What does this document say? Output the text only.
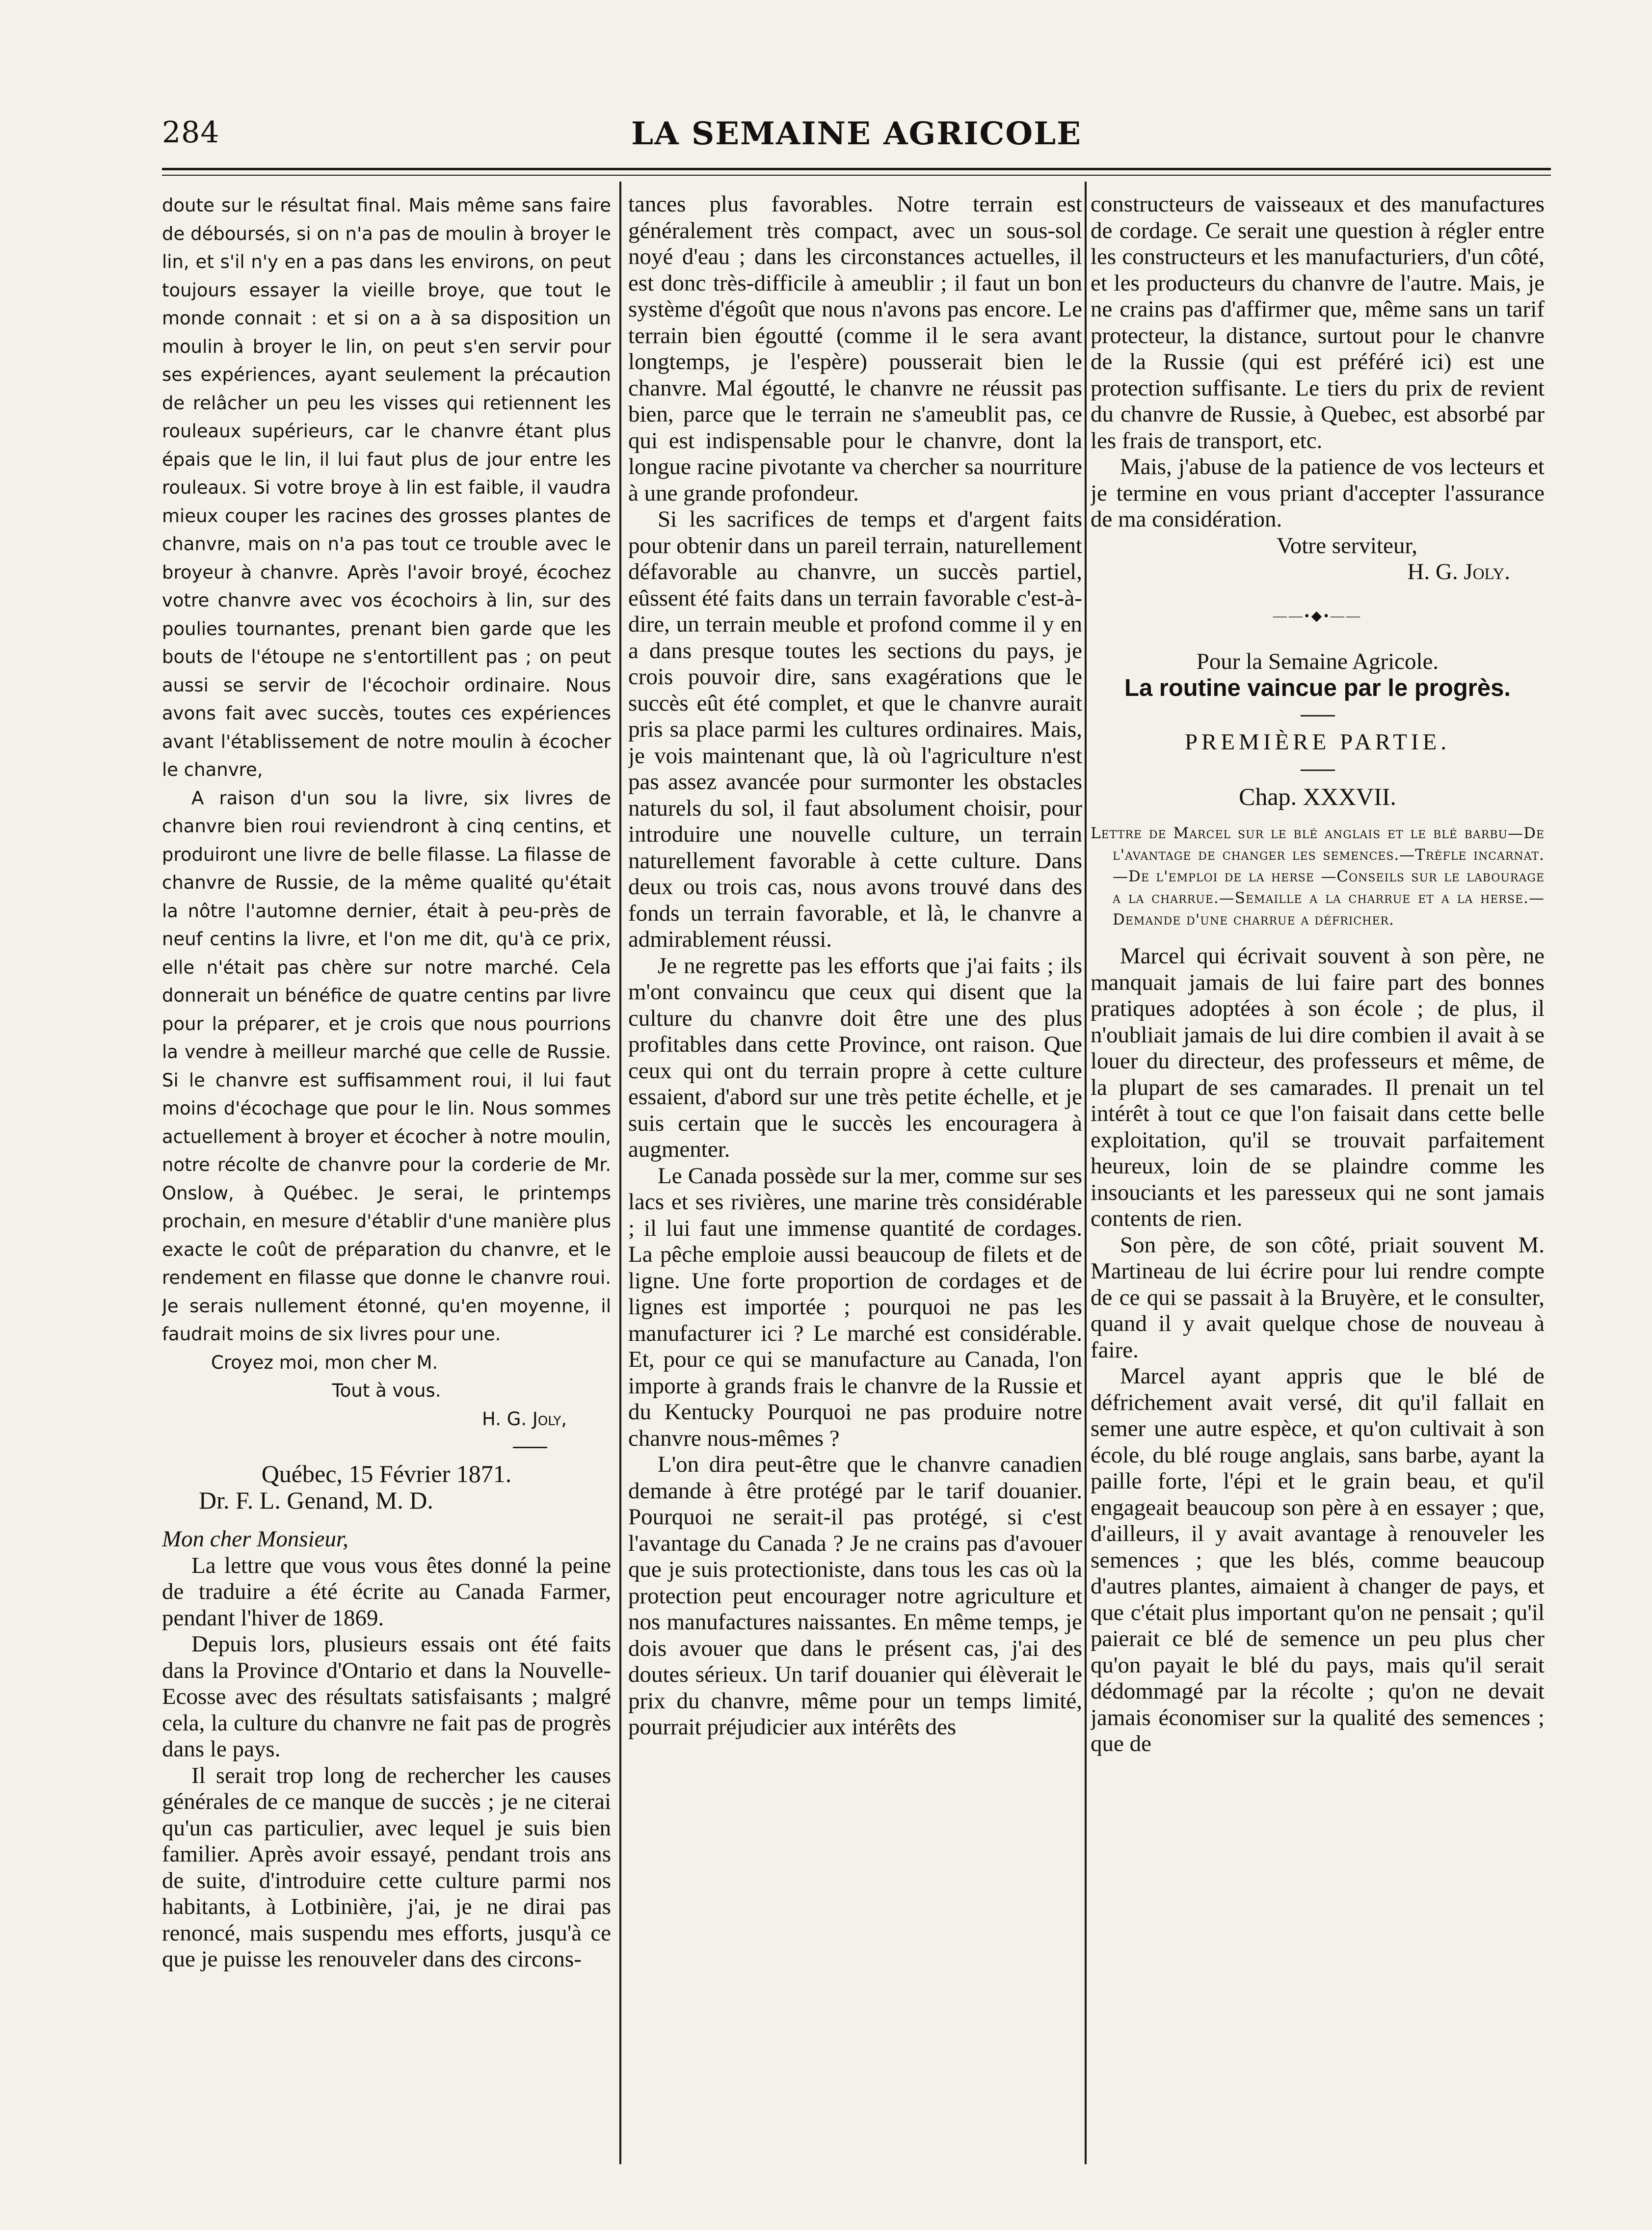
284	LA SEMAINE AGRICOLE

doute sur le résultat final. Mais même sans faire de déboursés, si on n'a pas de moulin à broyer le lin, et s'il n'y en a pas dans les environs, on peut toujours essayer la vieille broye, que tout le monde connait : et si on a à sa disposition un moulin à broyer le lin, on peut s'en servir pour ses expériences, ayant seulement la précaution de relâcher un peu les visses qui retiennent les rouleaux supérieurs, car le chanvre étant plus épais que le lin, il lui faut plus de jour entre les rouleaux. Si votre broye à lin est faible, il vaudra mieux couper les racines des grosses plantes de chanvre, mais on n'a pas tout ce trouble avec le broyeur à chanvre. Après l'avoir broyé, écochez votre chanvre avec vos écochoirs à lin, sur des poulies tournantes, prenant bien garde que les bouts de l'étoupe ne s'entortillent pas ; on peut aussi se servir de l'écochoir ordinaire. Nous avons fait avec succès, toutes ces expériences avant l'établissement de notre moulin à écocher le chanvre,

A raison d'un sou la livre, six livres de chanvre bien roui reviendront à cinq centins, et produiront une livre de belle filasse. La filasse de chanvre de Russie, de la même qualité qu'était la nôtre l'automne dernier, était à peu-près de neuf centins la livre, et l'on me dit, qu'à ce prix, elle n'était pas chère sur notre marché. Cela donnerait un bénéfice de quatre centins par livre pour la préparer, et je crois que nous pourrions la vendre à meilleur marché que celle de Russie. Si le chanvre est suffisamment roui, il lui faut moins d'écochage que pour le lin. Nous sommes actuellement à broyer et écocher à notre moulin, notre récolte de chanvre pour la corderie de Mr. Onslow, à Québec. Je serai, le printemps prochain, en mesure d'établir d'une manière plus exacte le coût de préparation du chanvre, et le rendement en filasse que donne le chanvre roui. Je serais nullement étonné, qu'en moyenne, il faudrait moins de six livres pour une.

Croyez moi, mon cher M.

Tout à vous.

H. G. Joly,

Québec, 15 Février 1871.

Dr. F. L. Genand, M. D.

Mon cher Monsieur,

La lettre que vous vous êtes donné la peine de traduire a été écrite au Canada Farmer, pendant l'hiver de 1869.

Depuis lors, plusieurs essais ont été faits dans la Province d'Ontario et dans la Nouvelle-Ecosse avec des résultats satisfaisants ; malgré cela, la culture du chanvre ne fait pas de progrès dans le pays.

Il serait trop long de rechercher les causes générales de ce manque de succès ; je ne citerai qu'un cas particulier, avec lequel je suis bien familier. Après avoir essayé, pendant trois ans de suite, d'introduire cette culture parmi nos habitants, à Lotbinière, j'ai, je ne dirai pas renoncé, mais suspendu mes efforts, jusqu'à ce que je puisse les renouveler dans des circons-

tances plus favorables. Notre terrain est généralement très compact, avec un sous-sol noyé d'eau ; dans les circonstances actuelles, il est donc très-difficile à ameublir ; il faut un bon système d'égoût que nous n'avons pas encore. Le terrain bien égoutté (comme il le sera avant longtemps, je l'espère) pousserait bien le chanvre. Mal égoutté, le chanvre ne réussit pas bien, parce que le terrain ne s'ameublit pas, ce qui est indispensable pour le chanvre, dont la longue racine pivotante va chercher sa nourriture à une grande profondeur.

Si les sacrifices de temps et d'argent faits pour obtenir dans un pareil terrain, naturellement défavorable au chanvre, un succès partiel, eûssent été faits dans un terrain favorable c'est-à-dire, un terrain meuble et profond comme il y en a dans presque toutes les sections du pays, je crois pouvoir dire, sans exagérations que le succès eût été complet, et que le chanvre aurait pris sa place parmi les cultures ordinaires. Mais, je vois maintenant que, là où l'agriculture n'est pas assez avancée pour surmonter les obstacles naturels du sol, il faut absolument choisir, pour introduire une nouvelle culture, un terrain naturellement favorable à cette culture. Dans deux ou trois cas, nous avons trouvé dans des fonds un terrain favorable, et là, le chanvre a admirablement réussi.

Je ne regrette pas les efforts que j'ai faits ; ils m'ont convaincu que ceux qui disent que la culture du chanvre doit être une des plus profitables dans cette Province, ont raison. Que ceux qui ont du terrain propre à cette culture essaient, d'abord sur une très petite échelle, et je suis certain que le succès les encouragera à augmenter.

Le Canada possède sur la mer, comme sur ses lacs et ses rivières, une marine très considérable ; il lui faut une immense quantité de cordages. La pêche emploie aussi beaucoup de filets et de ligne. Une forte proportion de cordages et de lignes est importée ; pourquoi ne pas les manufacturer ici ? Le marché est considérable. Et, pour ce qui se manufacture au Canada, l'on importe à grands frais le chanvre de la Russie et du Kentucky Pourquoi ne pas produire notre chanvre nous-mêmes ?

L'on dira peut-être que le chanvre canadien demande à être protégé par le tarif douanier. Pourquoi ne serait-il pas protégé, si c'est l'avantage du Canada ? Je ne crains pas d'avouer que je suis protectioniste, dans tous les cas où la protection peut encourager notre agriculture et nos manufactures naissantes. En même temps, je dois avouer que dans le présent cas, j'ai des doutes sérieux. Un tarif douanier qui élèverait le prix du chanvre, même pour un temps limité, pourrait préjudicier aux intérêts des

constructeurs de vaisseaux et des manufactures de cordage. Ce serait une question à régler entre les constructeurs et les manufacturiers, d'un côté, et les producteurs du chanvre de l'autre. Mais, je ne crains pas d'affirmer que, même sans un tarif protecteur, la distance, surtout pour le chanvre de la Russie (qui est préféré ici) est une protection suffisante. Le tiers du prix de revient du chanvre de Russie, à Quebec, est absorbé par les frais de transport, etc.

Mais, j'abuse de la patience de vos lecteurs et je termine en vous priant d'accepter l'assurance de ma considération.

Votre serviteur,

H. G. Joly.

——•◆•——

Pour la Semaine Agricole.

La routine vaincue par le progrès.

PREMIÈRE PARTIE.

Chap. XXXVII.

Lettre de Marcel sur le blé anglais et le blé barbu—De l'avantage de changer les semences.—Trèfle incarnat.—De l'emploi de la herse —Conseils sur le labourage a la charrue.—Semaille a la charrue et a la herse.—Demande d'une charrue a défricher.

Marcel qui écrivait souvent à son père, ne manquait jamais de lui faire part des bonnes pratiques adoptées à son école ; de plus, il n'oubliait jamais de lui dire combien il avait à se louer du directeur, des professeurs et même, de la plupart de ses camarades. Il prenait un tel intérêt à tout ce que l'on faisait dans cette belle exploitation, qu'il se trouvait parfaitement heureux, loin de se plaindre comme les insouciants et les paresseux qui ne sont jamais contents de rien.

Son père, de son côté, priait souvent M. Martineau de lui écrire pour lui rendre compte de ce qui se passait à la Bruyère, et le consulter, quand il y avait quelque chose de nouveau à faire.

Marcel ayant appris que le blé de défrichement avait versé, dit qu'il fallait en semer une autre espèce, et qu'on cultivait à son école, du blé rouge anglais, sans barbe, ayant la paille forte, l'épi et le grain beau, et qu'il engageait beaucoup son père à en essayer ; que, d'ailleurs, il y avait avantage à renouveler les semences ; que les blés, comme beaucoup d'autres plantes, aimaient à changer de pays, et que c'était plus important qu'on ne pensait ; qu'il paierait ce blé de semence un peu plus cher qu'on payait le blé du pays, mais qu'il serait dédommagé par la récolte ; qu'on ne devait jamais économiser sur la qualité des semences ; que de
